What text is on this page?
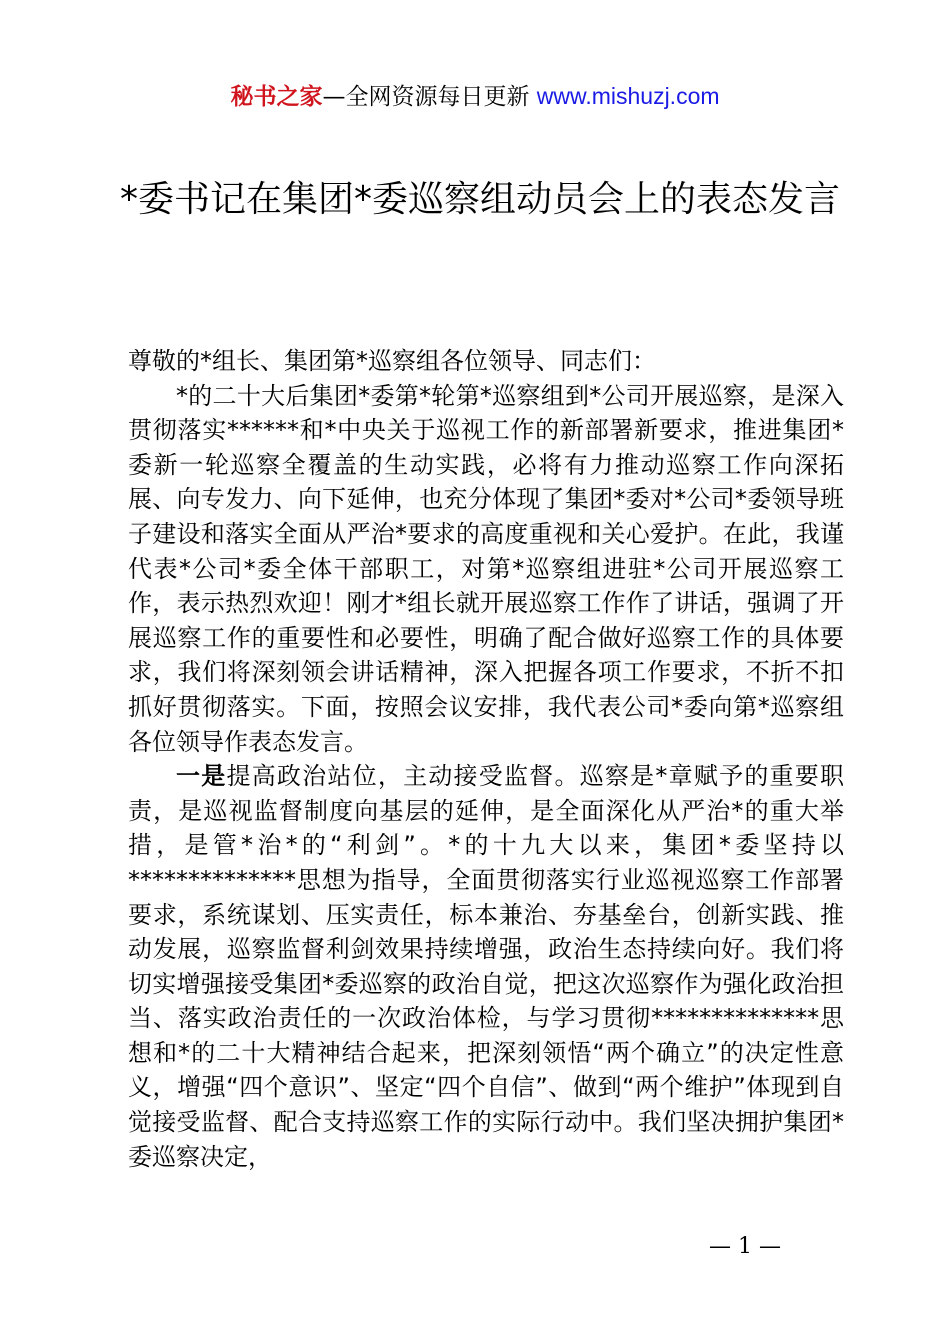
秘书之家—全网资源每日更新 www.mishuzj.com
*委书记在集团*委巡察组动员会上的表态发言

尊敬的*组长、集团第*巡察组各位领导、同志们：

*的二十大后集团*委第*轮第*巡察组到*公司开展巡察，是深入贯彻落实******和*中央关于巡视工作的新部署新要求，推进集团*委新一轮巡察全覆盖的生动实践，必将有力推动巡察工作向深拓展、向专发力、向下延伸，也充分体现了集团*委对*公司*委领导班子建设和落实全面从严治*要求的高度重视和关心爱护。在此，我谨代表*公司*委全体干部职工，对第*巡察组进驻*公司开展巡察工作，表示热烈欢迎！刚才*组长就开展巡察工作作了讲话，强调了开展巡察工作的重要性和必要性，明确了配合做好巡察工作的具体要求，我们将深刻领会讲话精神，深入把握各项工作要求，不折不扣抓好贯彻落实。下面，按照会议安排，我代表公司*委向第*巡察组各位领导作表态发言。

一是提高政治站位，主动接受监督。巡察是*章赋予的重要职责，是巡视监督制度向基层的延伸，是全面深化从严治*的重大举措，是管*治*的“利剑”。*的十九大以来，集团*委坚持以**************思想为指导，全面贯彻落实行业巡视巡察工作部署要求，系统谋划、压实责任，标本兼治、夯基垒台，创新实践、推动发展，巡察监督利剑效果持续增强，政治生态持续向好。我们将切实增强接受集团*委巡察的政治自觉，把这次巡察作为强化政治担当、落实政治责任的一次政治体检，与学习贯彻**************思想和*的二十大精神结合起来，把深刻领悟“两个确立”的决定性意义，增强“四个意识”、坚定“四个自信”、做到“两个维护”体现到自觉接受监督、配合支持巡察工作的实际行动中。我们坚决拥护集团*委巡察决定，

— 1 —
